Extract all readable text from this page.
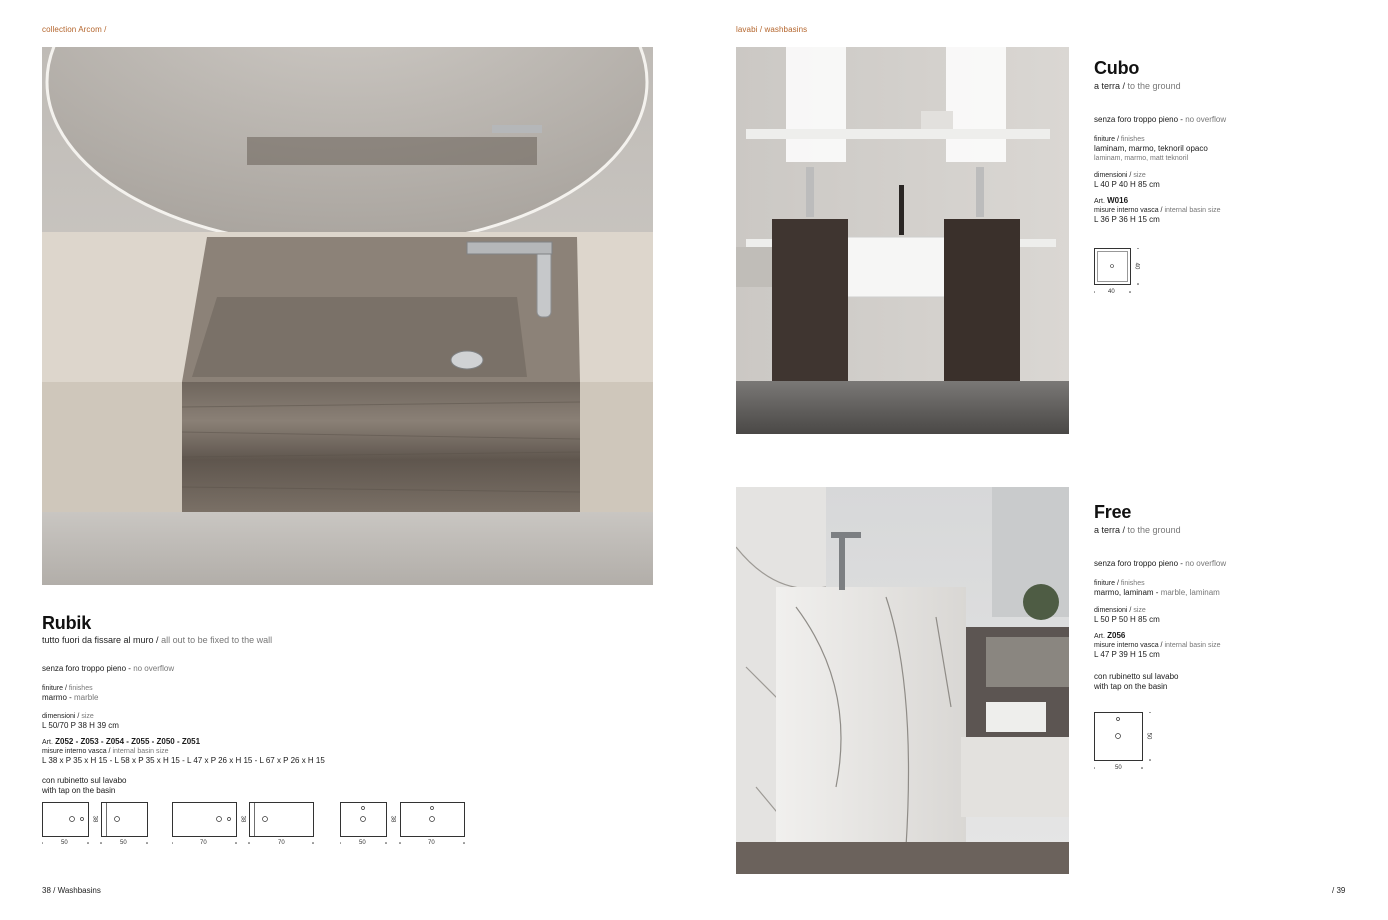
collection Arcom /
Rubik
tutto fuori da fissare al muro / all out to be fixed to the wall
senza foro troppo pieno - no overflow
finiture / finishes
marmo - marble
dimensioni / size
L 50/70 P 38 H 39 cm
Art. Z052 - Z053 - Z054 - Z055 - Z050 - Z051
misure interno vasca / internal basin size
L 38 x P 35 x H 15 - L 58 x P 35 x H 15 - L 47 x P 26 x H 15 - L 67 x P 26 x H 15
con rubinetto sul lavabo
with tap on the basin
50
38
50	70
38
70	50
38
70
38 / Washbasins
lavabi / washbasins
Cubo
a terra / to the ground
senza foro troppo pieno - no overflow
finiture / finishes
laminam, marmo, teknoril opaco
laminam, marmo, matt teknoril
dimensioni / size
L 40 P 40 H 85 cm
Art. W016
misure interno vasca / internal basin size
L 36 P 36 H 15 cm
40
40
Free
a terra / to the ground
senza foro troppo pieno - no overflow
finiture / finishes
marmo, laminam - marble, laminam
dimensioni / size
L 50 P 50 H 85 cm
Art. Z056
misure interno vasca / internal basin size
L 47 P 39 H 15 cm
con rubinetto sul lavabo
with tap on the basin
50
50
/ 39
